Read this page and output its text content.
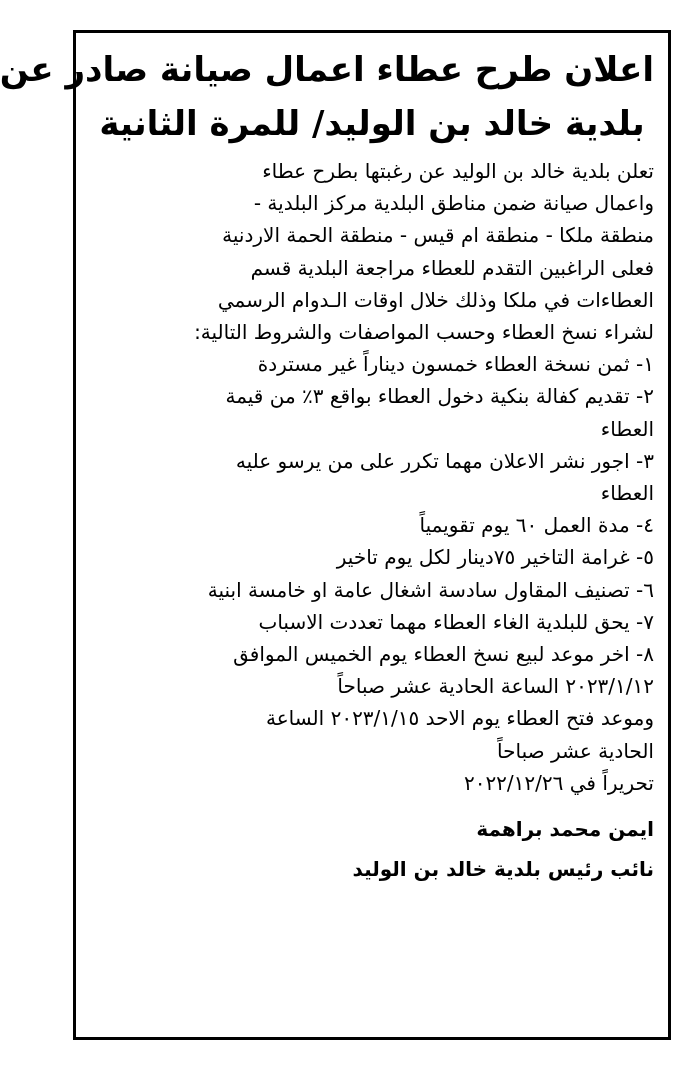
اعلان طرح عطاء اعمال صيانة صادر عن
بلدية خالد بن الوليد/ للمرة الثانية
تعلن بلدية خالد بن الوليد عن رغبتها بطرح عطاء
واعمال صيانة ضمن مناطق البلدية مركز البلدية -
منطقة ملكا - منطقة ام قيس - منطقة الحمة الاردنية
فعلى الراغبين التقدم للعطاء مراجعة البلدية قسم
العطاءات في ملكا وذلك خلال اوقات الـدوام الرسمي
لشراء نسخ العطاء وحسب المواصفات والشروط التالية:
١- ثمن نسخة العطاء خمسون ديناراً غير مستردة
٢- تقديم كفالة بنكية دخول العطاء بواقع ٣٪ من قيمة
العطاء
٣- اجور نشر الاعلان مهما تكرر على من يرسو عليه
العطاء
٤- مدة العمل ٦٠ يوم تقويمياً
٥- غرامة التاخير ٧٥دينار لكل يوم تاخير
٦- تصنيف المقاول سادسة اشغال عامة او خامسة ابنية
٧- يحق للبلدية الغاء العطاء مهما تعددت الاسباب
٨- اخر موعد لبيع نسخ العطاء يوم الخميس الموافق
٢٠٢٣/١/١٢ الساعة الحادية عشر صباحاً
وموعد فتح العطاء يوم الاحد ٢٠٢٣/١/١٥ الساعة
الحادية عشر صباحاً
تحريراً في ٢٠٢٢/١٢/٢٦
ايمن محمد براهمة
نائب رئيس بلدية خالد بن الوليد
